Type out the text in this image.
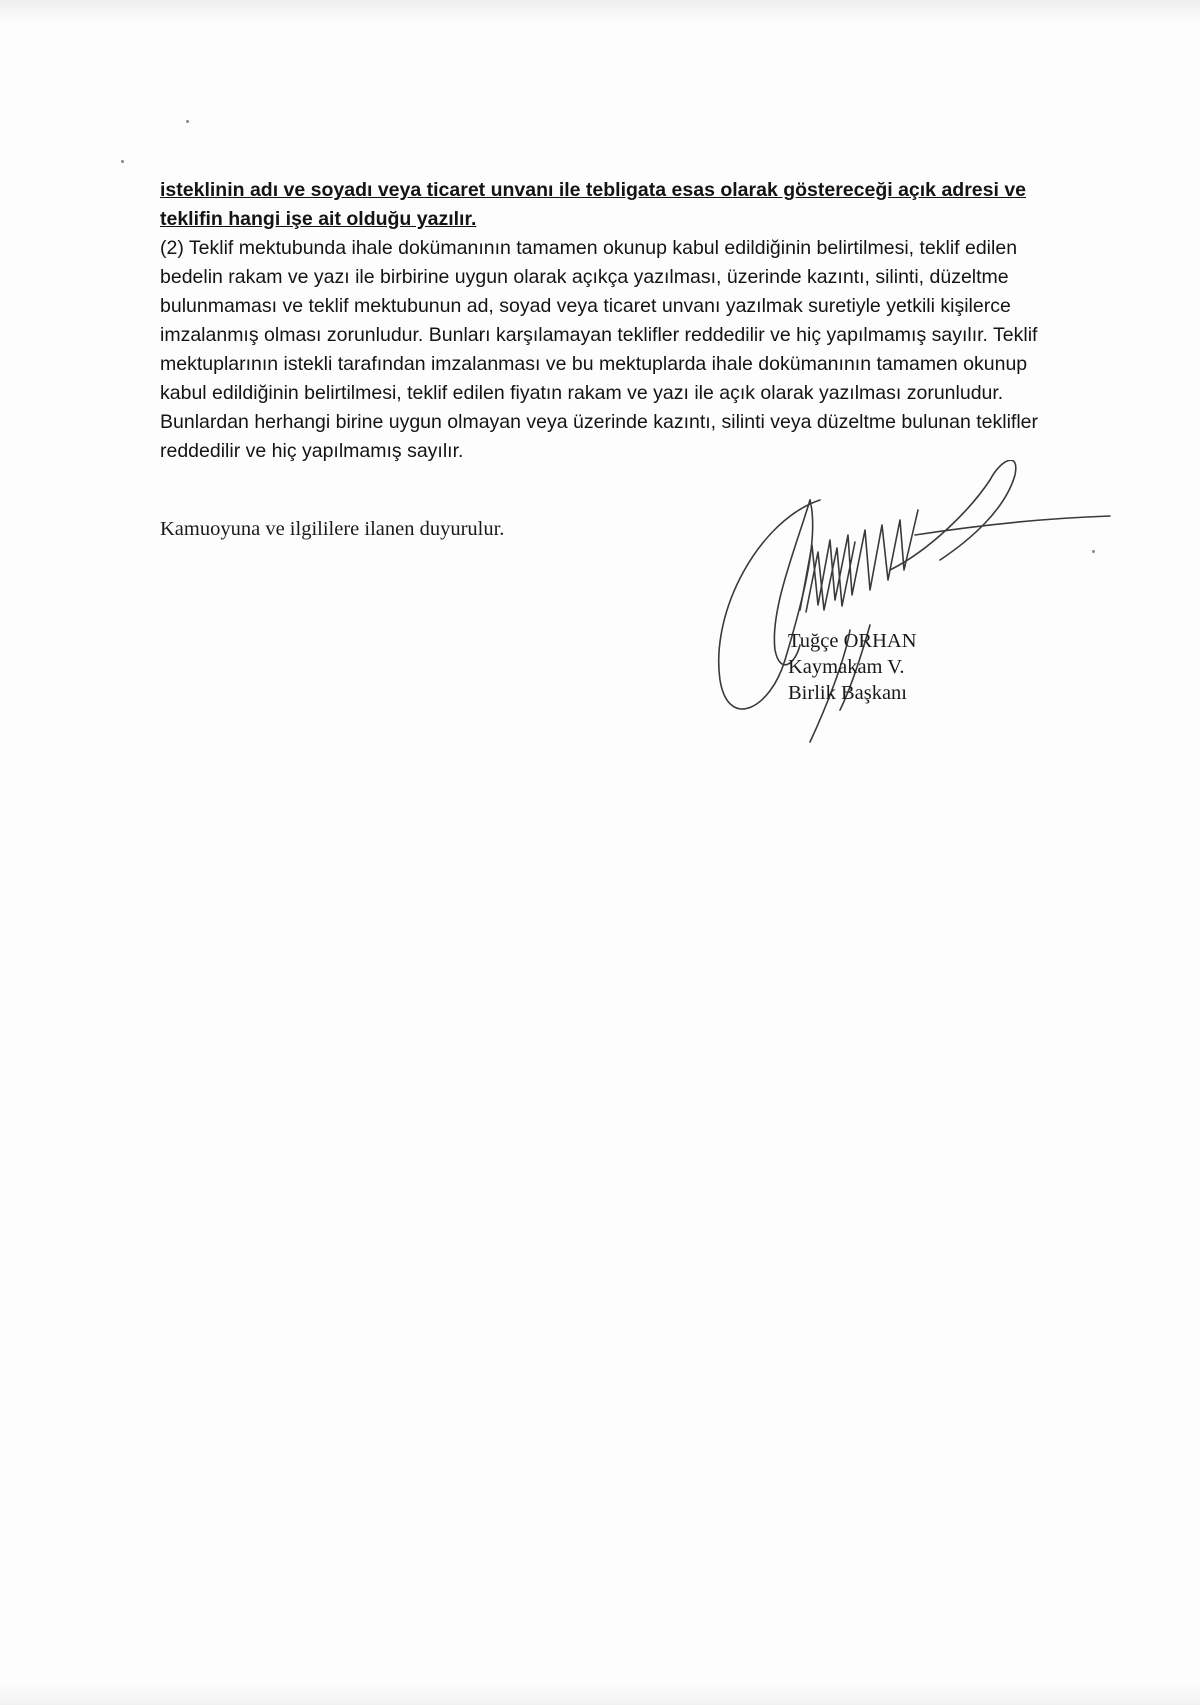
isteklinin adı ve soyadı veya ticaret unvanı ile tebligata esas olarak göstereceği açık adresi ve teklifin hangi işe ait olduğu yazılır.

(2) Teklif mektubunda ihale dokümanının tamamen okunup kabul edildiğinin belirtilmesi, teklif edilen bedelin rakam ve yazı ile birbirine uygun olarak açıkça yazılması, üzerinde kazıntı, silinti, düzeltme bulunmaması ve teklif mektubunun ad, soyad veya ticaret unvanı yazılmak suretiyle yetkili kişilerce imzalanmış olması zorunludur. Bunları karşılamayan teklifler reddedilir ve hiç yapılmamış sayılır. Teklif mektuplarının istekli tarafından imzalanması ve bu mektuplarda ihale dokümanının tamamen okunup kabul edildiğinin belirtilmesi, teklif edilen fiyatın rakam ve yazı ile açık olarak yazılması zorunludur. Bunlardan herhangi birine uygun olmayan veya üzerinde kazıntı, silinti veya düzeltme bulunan teklifler reddedilir ve hiç yapılmamış sayılır.

Kamuoyuna ve ilgililere ilanen duyurulur.

Tuğçe ORHAN
Kaymakam V.
Birlik Başkanı
